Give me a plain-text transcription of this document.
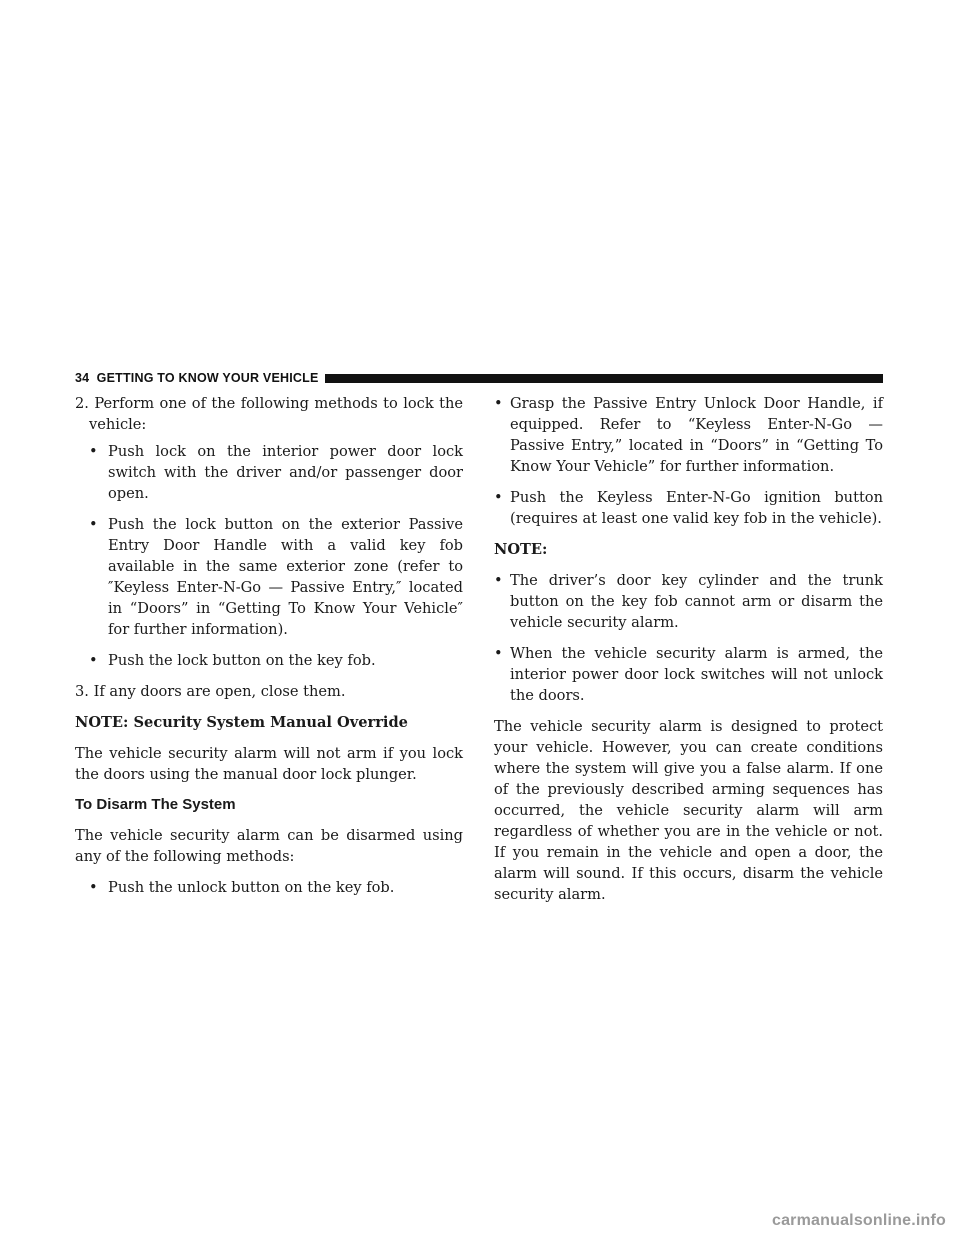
34 GETTING TO KNOW YOUR VEHICLE

2. Perform one of the following methods to lock the vehicle:

• Push lock on the interior power door lock switch with the driver and/or passenger door open.

• Push the lock button on the exterior Passive Entry Door Handle with a valid key fob available in the same exterior zone (refer to ″Keyless Enter-N-Go — Passive Entry,″ located in “Doors” in “Getting To Know Your Vehicle″ for further information).

• Push the lock button on the key fob.

3. If any doors are open, close them.

NOTE: Security System Manual Override

The vehicle security alarm will not arm if you lock the doors using the manual door lock plunger.

To Disarm The System

The vehicle security alarm can be disarmed using any of the following methods:

• Push the unlock button on the key fob.

• Grasp the Passive Entry Unlock Door Handle, if equipped. Refer to “Keyless Enter-N-Go — Passive Entry,” located in “Doors” in “Getting To Know Your Vehicle” for further information.

• Push the Keyless Enter-N-Go ignition button (requires at least one valid key fob in the vehicle).

NOTE:

• The driver’s door key cylinder and the trunk button on the key fob cannot arm or disarm the vehicle security alarm.

• When the vehicle security alarm is armed, the interior power door lock switches will not unlock the doors.

The vehicle security alarm is designed to protect your vehicle. However, you can create conditions where the system will give you a false alarm. If one of the previously described arming sequences has occurred, the vehicle security alarm will arm regardless of whether you are in the vehicle or not. If you remain in the vehicle and open a door, the alarm will sound. If this occurs, disarm the vehicle security alarm.

carmanualsonline.info
